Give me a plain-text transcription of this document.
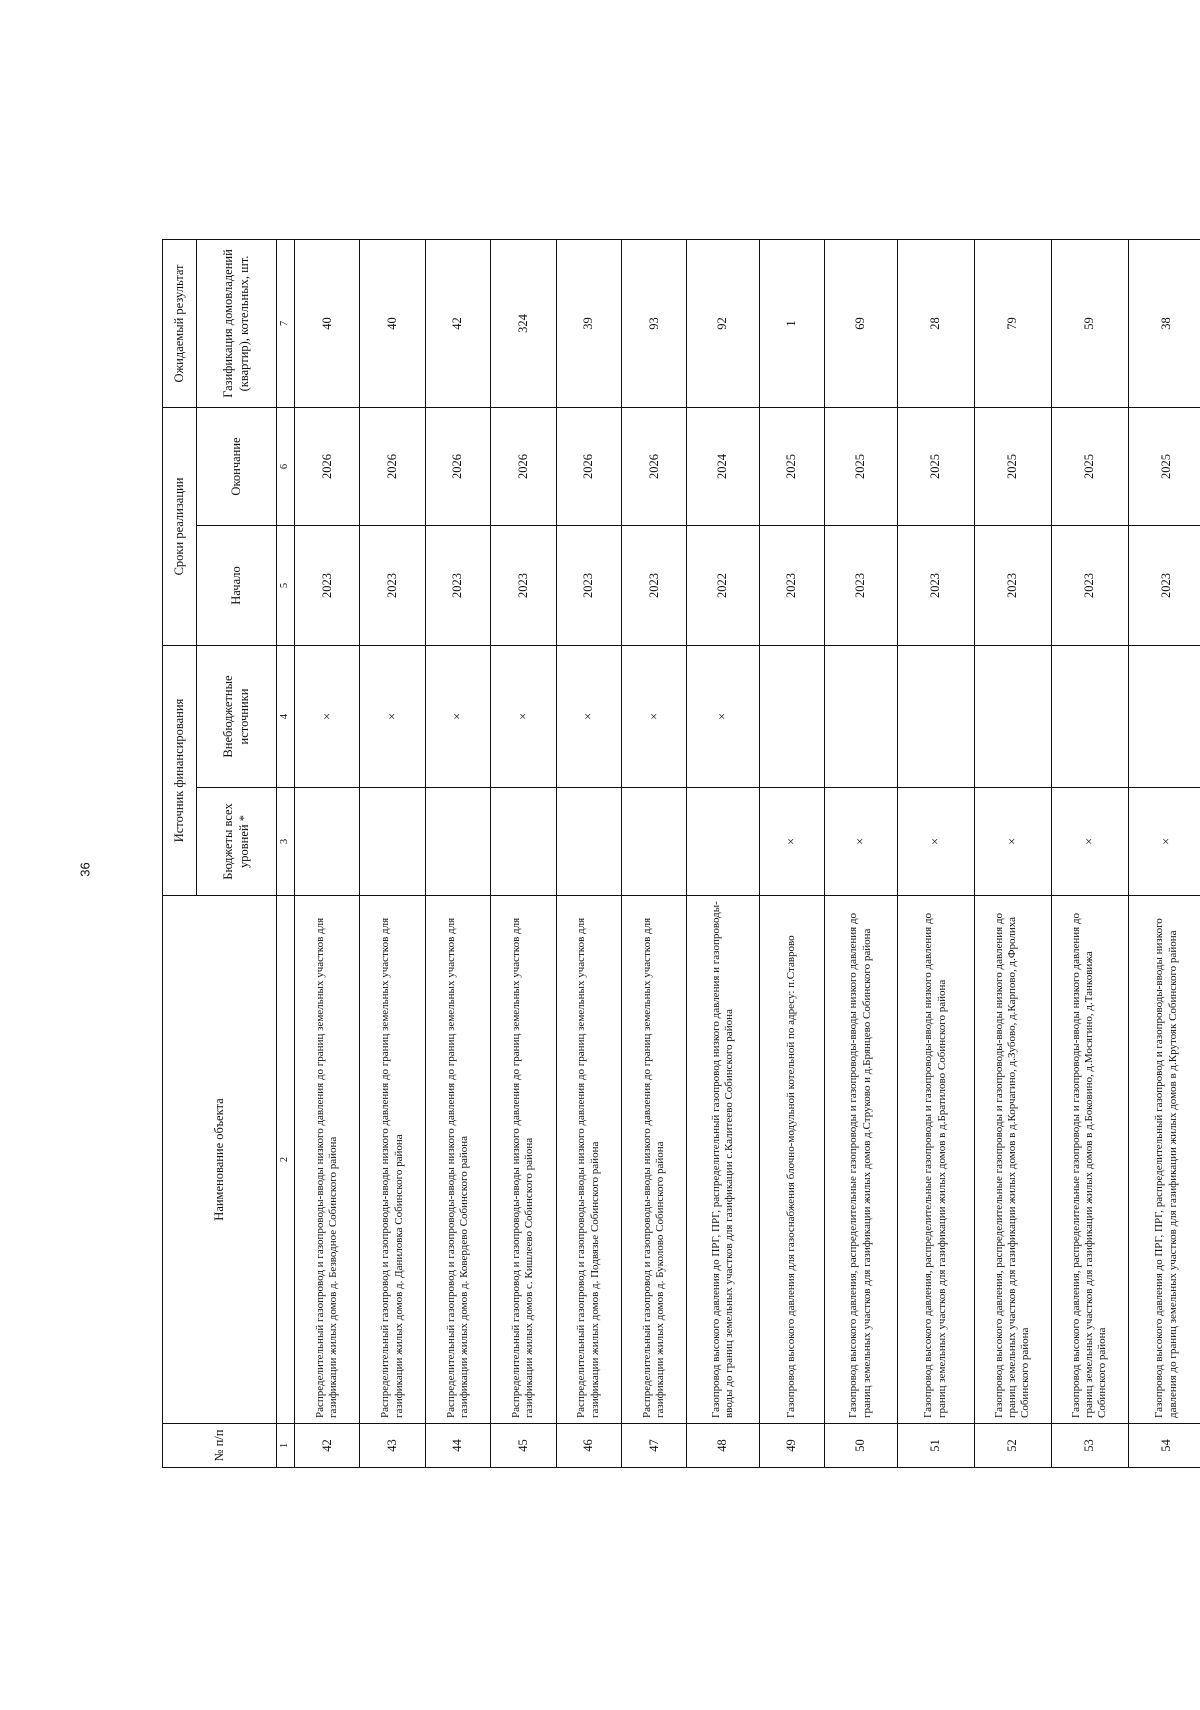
36
№ п/п	Наименование объекта	Источник финансирования		Сроки реализации		Ожидаемый результат
		Бюджеты всех уровней *	Внебюджетные источники	Начало	Окончание	Газификация домовладений (квартир), котельных, шт.
1	2	3	4	5	6	7
42	Распределительный газопровод и газопроводы-вводы низкого давления до границ земельных участков для газификации жилых домов д. Безводное Собинского района		×	2023	2026	40
43	Распределительный газопровод и газопроводы-вводы низкого давления до границ земельных участков для газификации жилых домов д. Даниловка Собинского района		×	2023	2026	40
44	Распределительный газопровод и газопроводы-вводы низкого давления до границ земельных участков для газификации жилых домов д. Ковердево Собинского района		×	2023	2026	42
45	Распределительный газопровод и газопроводы-вводы низкого давления до границ земельных участков для газификации жилых домов с. Кишлеево Собинского района		×	2023	2026	324
46	Распределительный газопровод и газопроводы-вводы низкого давления до границ земельных участков для газификации жилых домов д. Подвязье Собинского района		×	2023	2026	39
47	Распределительный газопровод и газопроводы-вводы низкого давления до границ земельных участков для газификации жилых домов д. Буколово Собинского района		×	2023	2026	93
48	Газопровод высокого давления до ПРГ, ПРГ, распределительный газопровод низкого давления и газопроводы-вводы до границ земельных участков для газификации с.Калитеево Собинского района		×	2022	2024	92
49	Газопровод высокого давления для газоснабжения блочно-модульной котельной по адресу: п.Ставрово	×		2023	2025	1
50	Газопровод высокого давления, распределительные газопроводы и газопроводы-вводы низкого давления до границ земельных участков для газификации жилых домов д.Струково и д.Брянцево Собинского района	×		2023	2025	69
51	Газопровод высокого давления, распределительные газопроводы и газопроводы-вводы низкого давления до границ земельных участков для газификации жилых домов в д.Братилово Собинского района	×		2023	2025	28
52	Газопровод высокого давления, распределительные газопроводы и газопроводы-вводы низкого давления до границ земельных участков для газификации жилых домов в д.Корчагино, д.Зубово, д.Карпово, д.Фролиха Собинского района	×		2023	2025	79
53	Газопровод высокого давления, распределительные газопроводы и газопроводы-вводы низкого давления до границ земельных участков для газификации жилых домов в д.Боковино, д.Мосягино, д.Танковижа Собинского района	×		2023	2025	59
54	Газопровод высокого давления до ПРГ, ПРГ, распределительный газопровод и газопроводы-вводы низкого давления до границ земельных участков для газификации жилых домов в д.Крутояк Собинского района	×		2023	2025	38
